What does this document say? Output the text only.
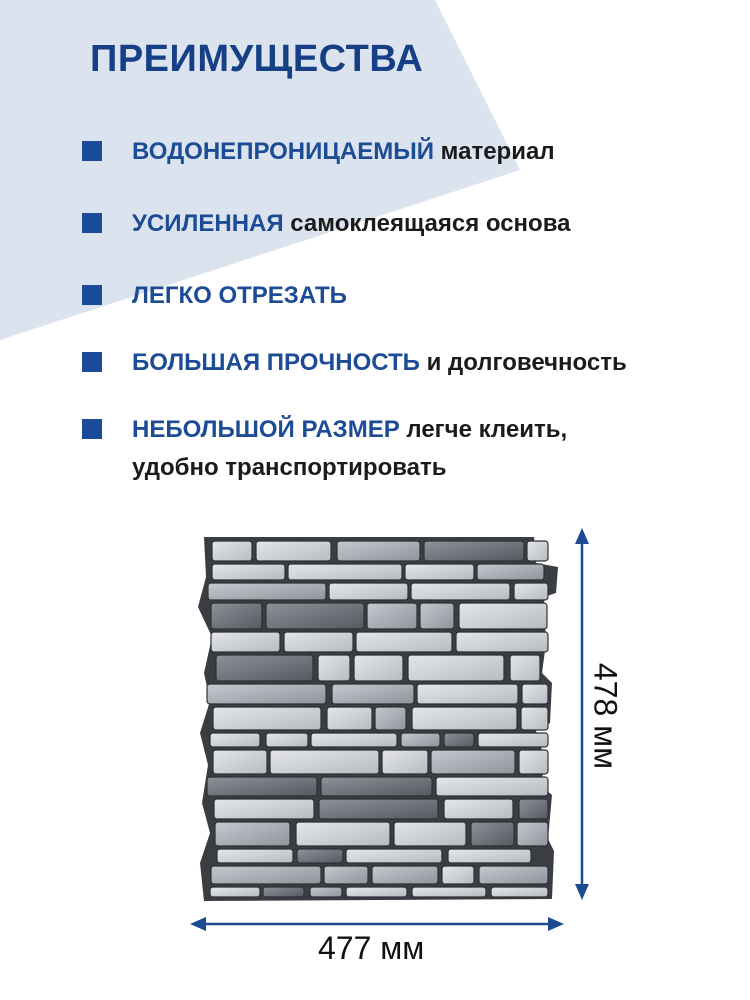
ПРЕИМУЩЕСТВА
ВОДОНЕПРОНИЦАЕМЫЙ материал
УСИЛЕННАЯ самоклеящаяся основа
ЛЕГКО ОТРЕЗАТЬ
БОЛЬШАЯ ПРОЧНОСТЬ и долговечность
НЕБОЛЬШОЙ РАЗМЕР легче клеить,
удобно транспортировать
478 мм
477 мм
